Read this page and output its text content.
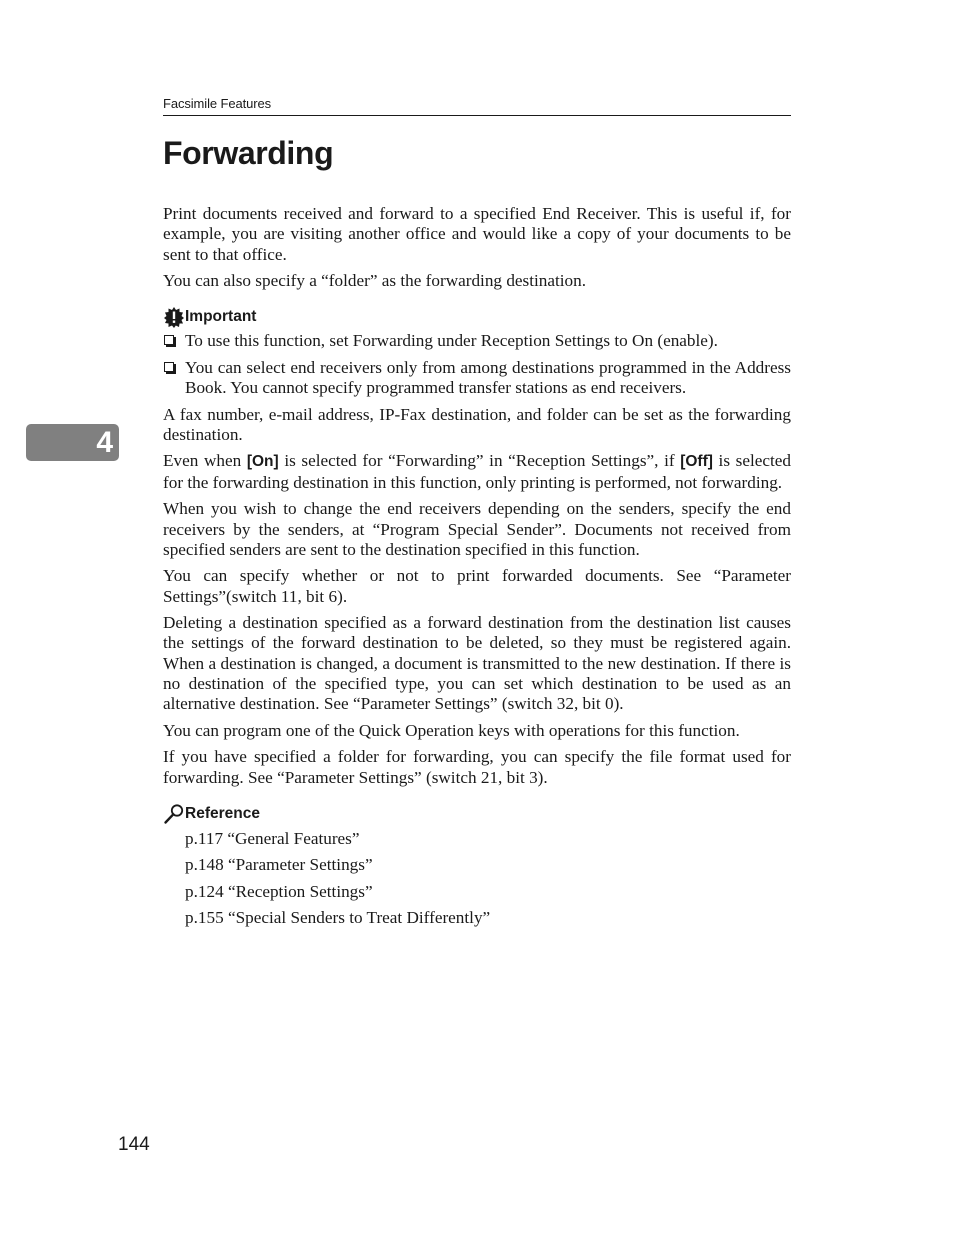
Facsimile Features
Forwarding
4

Print documents received and forward to a specified End Receiver. This is useful if, for example, you are visiting another office and would like a copy of your documents to be sent to that office.

You can also specify a “folder” as the forwarding destination.

Important
To use this function, set Forwarding under Reception Settings to On (enable).
You can select end receivers only from among destinations programmed in the Address Book. You cannot specify programmed transfer stations as end receivers.

A fax number, e-mail address, IP-Fax destination, and folder can be set as the forwarding destination.

Even when [On] is selected for “Forwarding” in “Reception Settings”, if [Off] is selected for the forwarding destination in this function, only printing is performed, not forwarding.

When you wish to change the end receivers depending on the senders, specify the end receivers by the senders, at “Program Special Sender”. Documents not received from specified senders are sent to the destination specified in this function.

You can specify whether or not to print forwarded documents. See “Parameter Settings”(switch 11, bit 6).

Deleting a destination specified as a forward destination from the destination list causes the settings of the forward destination to be deleted, so they must be registered again. When a destination is changed, a document is transmitted to the new destination. If there is no destination of the specified type, you can set which destination to be used as an alternative destination. See “Parameter Settings” (switch 32, bit 0).

You can program one of the Quick Operation keys with operations for this function.

If you have specified a folder for forwarding, you can specify the file format used for forwarding. See “Parameter Settings” (switch 21, bit 3).

Reference
p.117 “General Features”
p.148 “Parameter Settings”
p.124 “Reception Settings”
p.155 “Special Senders to Treat Differently”
144
